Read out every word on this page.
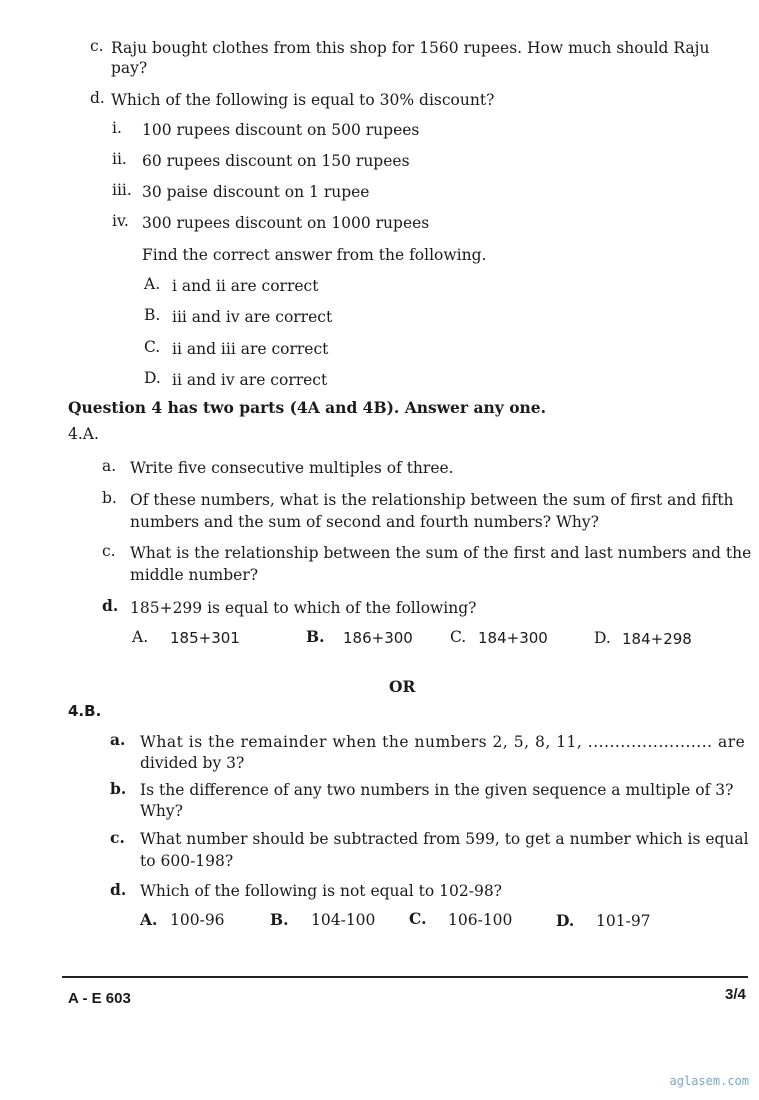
c. Raju bought clothes from this shop for 1560 rupees. How much should Raju
pay?
d. Which of the following is equal to 30% discount?
i. 100 rupees discount on 500 rupees
ii. 60 rupees discount on 150 rupees
iii. 30 paise discount on 1 rupee
iv. 300 rupees discount on 1000 rupees
Find the correct answer from the following.
A. i and ii are correct
B. iii and iv are correct
C. ii and iii are correct
D. ii and iv are correct
Question 4 has two parts (4A and 4B). Answer any one.
4.A.
a. Write five consecutive multiples of three.
b. Of these numbers, what is the relationship between the sum of first and fifth
numbers and the sum of second and fourth numbers? Why?
c. What is the relationship between the sum of the first and last numbers and the
middle number?
d. 185+299 is equal to which of the following?
A. 185+301	B. 186+300 C. 184+300	D. 184+298
OR
4.B.
a. What is the remainder when the numbers 2, 5, 8, 11, ....................... are
divided by 3?
b. Is the difference of any two numbers in the given sequence a multiple of 3?
Why?
c. What number should be subtracted from 599, to get a number which is equal
to 600-198?
d. Which of the following is not equal to 102-98?
A. 100-96	B. 104-100 C. 106-100	D. 101-97
A - E 603	3/4
aglasem.com
